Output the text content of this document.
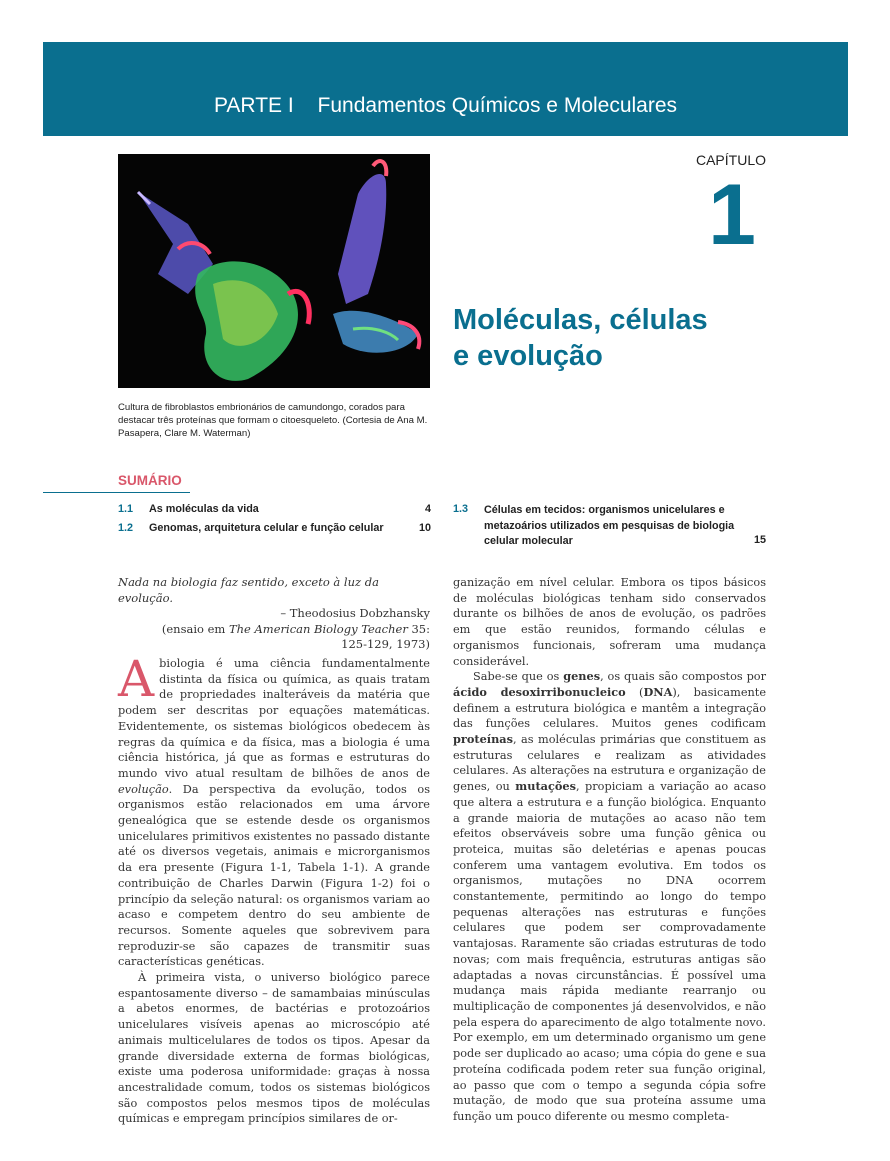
PARTE I Fundamentos Químicos e Moleculares
Cultura de fibroblastos embrionários de camundongo, corados para destacar três proteínas que formam o citoesqueleto. (Cortesia de Ana M. Pasapera, Clare M. Waterman)
CAPÍTULO
1
Moléculas, células
e evolução
SUMÁRIO
1.1 As moléculas da vida	4
1.2 Genomas, arquitetura celular e função celular	10
1.3 Células em tecidos: organismos unicelulares e metazoários utilizados em pesquisas de biologia celular molecular	15
Nada na biologia faz sentido, exceto à luz da evolução.
– Theodosius Dobzhansky
(ensaio em The American Biology Teacher 35:
125-129, 1973)

Abiologia é uma ciência fundamentalmente distinta da física ou química, as quais tratam de propriedades inalteráveis da matéria que podem ser descritas por equações matemáticas. Evidentemente, os sistemas biológicos obedecem às regras da química e da física, mas a biologia é uma ciência histórica, já que as formas e estruturas do mundo vivo atual resultam de bilhões de anos de evolução. Da perspectiva da evolução, todos os organismos estão relacionados em uma árvore genealógica que se estende desde os organismos unicelulares primitivos existentes no passado distante até os diversos vegetais, animais e microrganismos da era presente (Figura 1-1, Tabela 1-1). A grande contribuição de Charles Darwin (Figura 1-2) foi o princípio da seleção natural: os organismos variam ao acaso e competem dentro do seu ambiente de recursos. Somente aqueles que sobrevivem para reproduzir-se são capazes de transmitir suas características genéticas.

À primeira vista, o universo biológico parece espantosamente diverso – de samambaias minúsculas a abetos enormes, de bactérias e protozoários unicelulares visíveis apenas ao microscópio até animais multicelulares de todos os tipos. Apesar da grande diversidade externa de formas biológicas, existe uma poderosa uniformidade: graças à nossa ancestralidade comum, todos os sistemas biológicos são compostos pelos mesmos tipos de moléculas químicas e empregam princípios similares de or-

ganização em nível celular. Embora os tipos básicos de moléculas biológicas tenham sido conservados durante os bilhões de anos de evolução, os padrões em que estão reunidos, formando células e organismos funcionais, sofreram uma mudança considerável.

Sabe-se que os genes, os quais são compostos por ácido desoxirribonucleico (DNA), basicamente definem a estrutura biológica e mantêm a integração das funções celulares. Muitos genes codificam proteínas, as moléculas primárias que constituem as estruturas celulares e realizam as atividades celulares. As alterações na estrutura e organização de genes, ou mutações, propiciam a variação ao acaso que altera a estrutura e a função biológica. Enquanto a grande maioria de mutações ao acaso não tem efeitos observáveis sobre uma função gênica ou proteica, muitas são deletérias e apenas poucas conferem uma vantagem evolutiva. Em todos os organismos, mutações no DNA ocorrem constantemente, permitindo ao longo do tempo pequenas alterações nas estruturas e funções celulares que podem ser comprovadamente vantajosas. Raramente são criadas estruturas de todo novas; com mais frequência, estruturas antigas são adaptadas a novas circunstâncias. É possível uma mudança mais rápida mediante rearranjo ou multiplicação de componentes já desenvolvidos, e não pela espera do aparecimento de algo totalmente novo. Por exemplo, em um determinado organismo um gene pode ser duplicado ao acaso; uma cópia do gene e sua proteína codificada podem reter sua função original, ao passo que com o tempo a segunda cópia sofre mutação, de modo que sua proteína assume uma função um pouco diferente ou mesmo completa-
